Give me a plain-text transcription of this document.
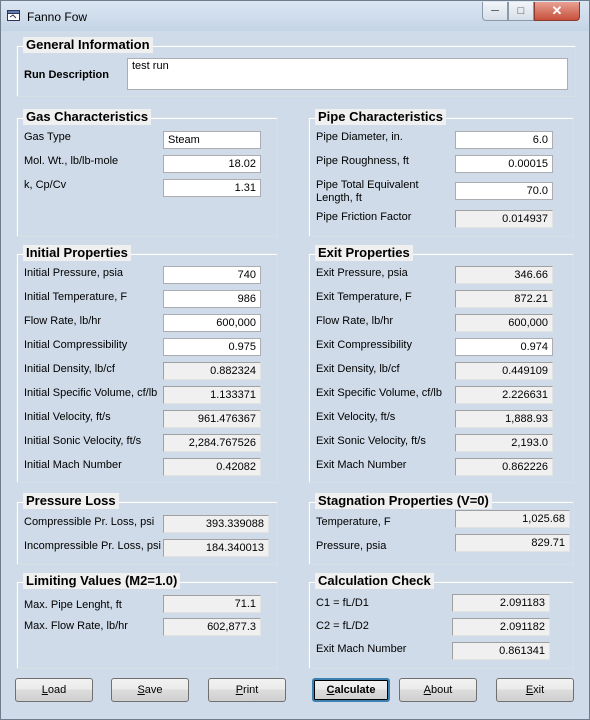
Fanno Fow	─	□	✕
General Information
Run Description
test run
Gas Characteristics
Gas Type	Steam
Mol. Wt., lb/lb-mole	18.02
k, Cp/Cv	1.31
Pipe Characteristics
Pipe Diameter, in.	6.0
Pipe Roughness, ft	0.00015
Pipe Total Equivalent Length, ft
70.0
Pipe Friction Factor	0.014937
Initial Properties
Initial Pressure, psia	740
Initial Temperature, F	986
Flow Rate, lb/hr	600,000
Initial Compressibility	0.975
Initial Density, lb/cf	0.882324
Initial Specific Volume, cf/lb	1.133371
Initial Velocity, ft/s	961.476367
Initial Sonic Velocity, ft/s	2,284.767526
Initial Mach Number	0.42082
Exit Properties
Exit Pressure, psia	346.66
Exit Temperature, F	872.21
Flow Rate, lb/hr	600,000
Exit Compressibility	0.974
Exit Density, lb/cf	0.449109
Exit Specific Volume, cf/lb	2.226631
Exit Velocity, ft/s	1,888.93
Exit Sonic Velocity, ft/s	2,193.0
Exit Mach Number	0.862226
Pressure Loss
Compressible Pr. Loss, psi	393.339088
Incompressible Pr. Loss, psi	184.340013
Stagnation Properties (V=0)
Temperature, F	1,025.68
Pressure, psia	829.71
Limiting Values (M2=1.0)
Max. Pipe Lenght, ft	71.1
Max. Flow Rate, lb/hr	602,877.3
Calculation Check
C1 = fL/D1	2.091183
C2 = fL/D2	2.091182
Exit Mach Number	0.861341
Load	Save	Print	Calculate	About	Exit
